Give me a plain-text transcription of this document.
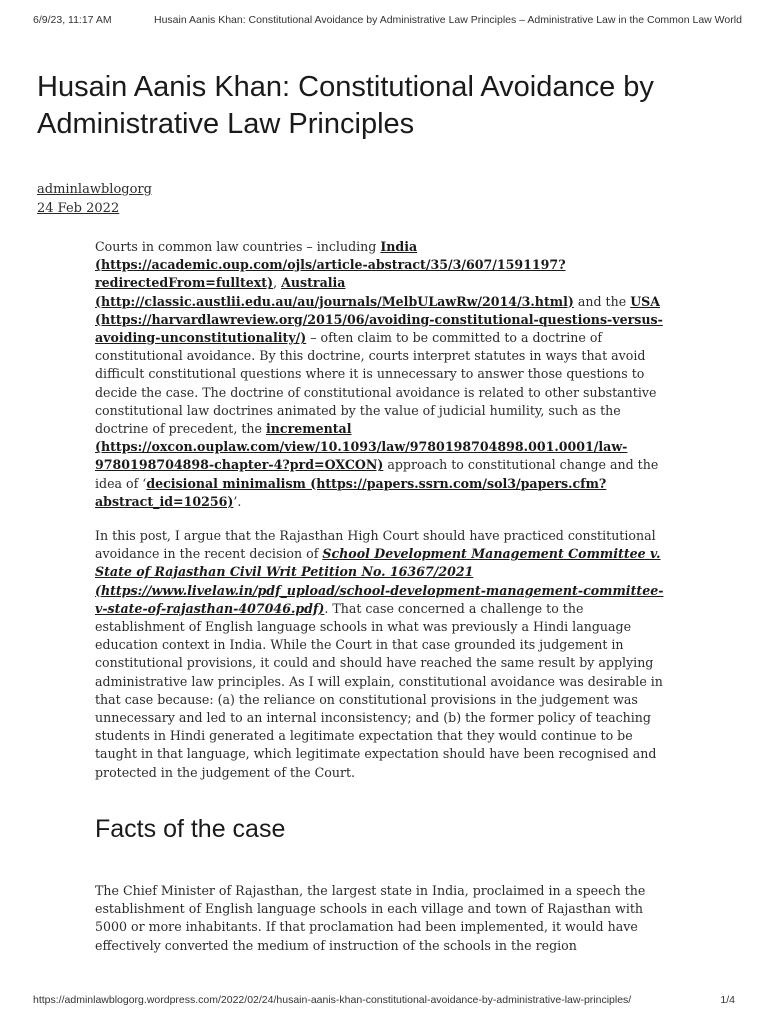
6/9/23, 11:17 AM	Husain Aanis Khan: Constitutional Avoidance by Administrative Law Principles – Administrative Law in the Common Law World
Husain Aanis Khan: Constitutional Avoidance by Administrative Law Principles
adminlawblogorg
24 Feb 2022

Courts in common law countries – including India (https://academic.oup.com/ojls/article-abstract/35/3/607/1591197?redirectedFrom=fulltext), Australia (http://classic.austlii.edu.au/au/journals/MelbULawRw/2014/3.html) and the USA (https://harvardlawreview.org/2015/06/avoiding-constitutional-questions-versus-avoiding-unconstitutionality/) – often claim to be committed to a doctrine of constitutional avoidance. By this doctrine, courts interpret statutes in ways that avoid difficult constitutional questions where it is unnecessary to answer those questions to decide the case. The doctrine of constitutional avoidance is related to other substantive constitutional law doctrines animated by the value of judicial humility, such as the doctrine of precedent, the incremental (https://oxcon.ouplaw.com/view/10.1093/law/9780198704898.001.0001/law-9780198704898-chapter-4?prd=OXCON) approach to constitutional change and the idea of ‘decisional minimalism (https://papers.ssrn.com/sol3/papers.cfm?abstract_id=10256)’.

In this post, I argue that the Rajasthan High Court should have practiced constitutional avoidance in the recent decision of School Development Management Committee v. State of Rajasthan Civil Writ Petition No. 16367/2021 (https://www.livelaw.in/pdf_upload/school-development-management-committee-v-state-of-rajasthan-407046.pdf). That case concerned a challenge to the establishment of English language schools in what was previously a Hindi language education context in India. While the Court in that case grounded its judgement in constitutional provisions, it could and should have reached the same result by applying administrative law principles. As I will explain, constitutional avoidance was desirable in that case because: (a) the reliance on constitutional provisions in the judgement was unnecessary and led to an internal inconsistency; and (b) the former policy of teaching students in Hindi generated a legitimate expectation that they would continue to be taught in that language, which legitimate expectation should have been recognised and protected in the judgement of the Court.

Facts of the case

The Chief Minister of Rajasthan, the largest state in India, proclaimed in a speech the establishment of English language schools in each village and town of Rajasthan with 5000 or more inhabitants. If that proclamation had been implemented, it would have effectively converted the medium of instruction of the schools in the region

https://adminlawblogorg.wordpress.com/2022/02/24/husain-aanis-khan-constitutional-avoidance-by-administrative-law-principles/	1/4
